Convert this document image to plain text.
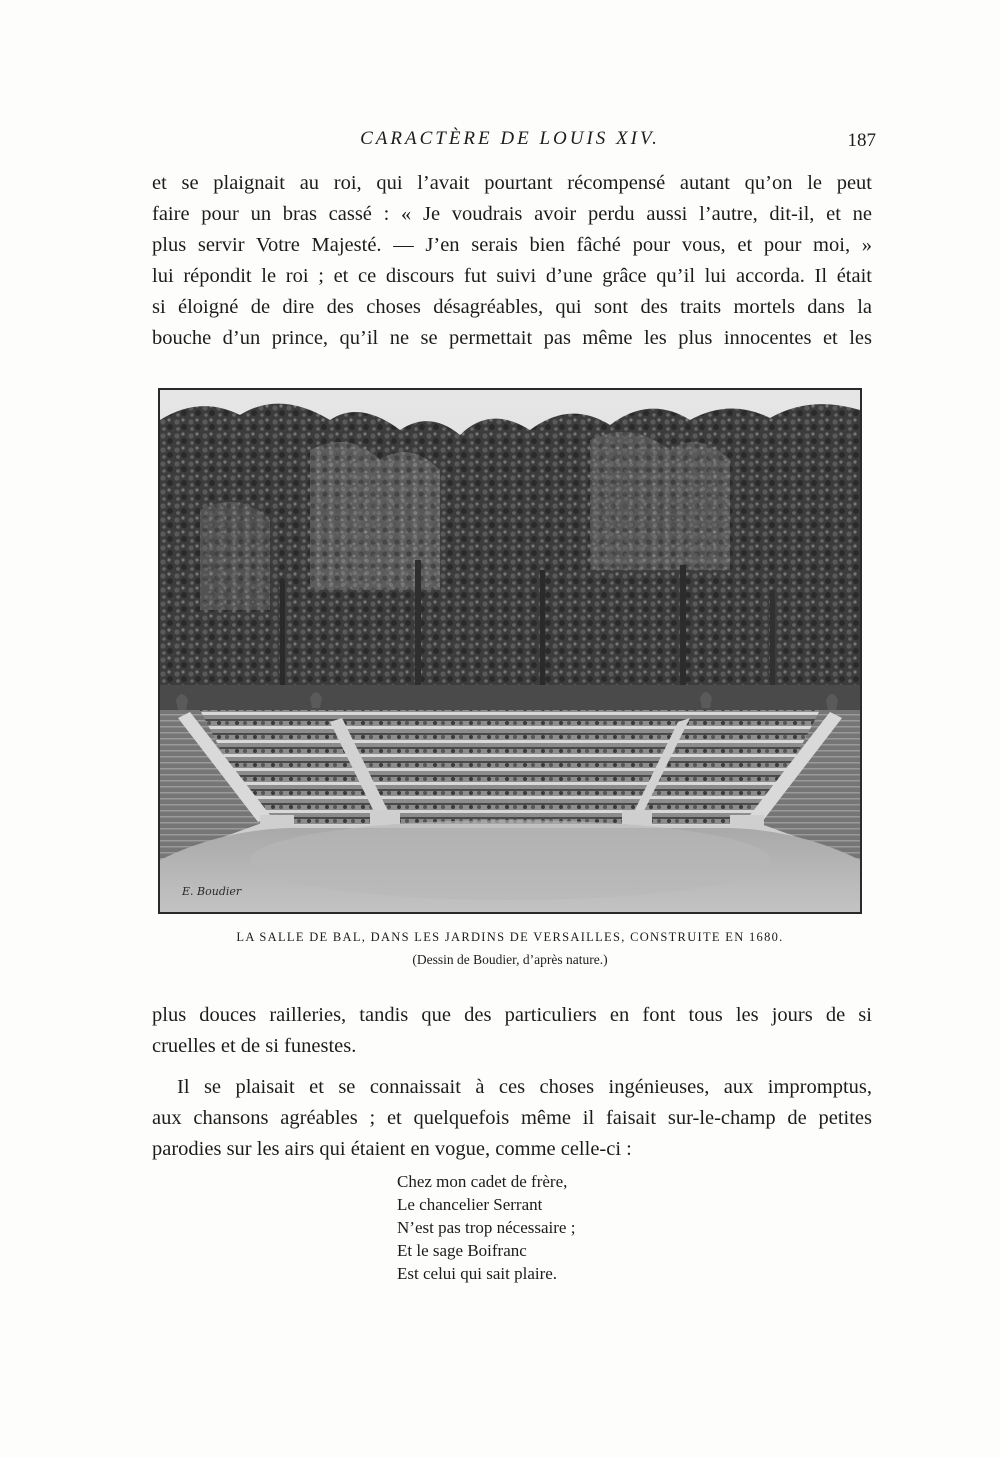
CARACTÈRE DE LOUIS XIV.	187
et se plaignait au roi, qui l’avait pourtant récompensé autant qu’on le peut
faire pour un bras cassé : « Je voudrais avoir perdu aussi l’autre, dit-il, et ne
plus servir Votre Majesté. — J’en serais bien fâché pour vous, et pour moi, »
lui répondit le roi ; et ce discours fut suivi d’une grâce qu’il lui accorda. Il était
si éloigné de dire des choses désagréables, qui sont des traits mortels dans la
bouche d’un prince, qu’il ne se permettait pas même les plus innocentes et les
E. Boudier
LA SALLE DE BAL, DANS LES JARDINS DE VERSAILLES, CONSTRUITE EN 1680.
(Dessin de Boudier, d’après nature.)

plus douces railleries, tandis que des particuliers en font tous les jours de si
cruelles et de si funestes.

Il se plaisait et se connaissait à ces choses ingénieuses, aux impromptus,
aux chansons agréables ; et quelquefois même il faisait sur-le-champ de petites
parodies sur les airs qui étaient en vogue, comme celle-ci :

Chez mon cadet de frère,
Le chancelier Serrant
N’est pas trop nécessaire ;
Et le sage Boifranc
Est celui qui sait plaire.
